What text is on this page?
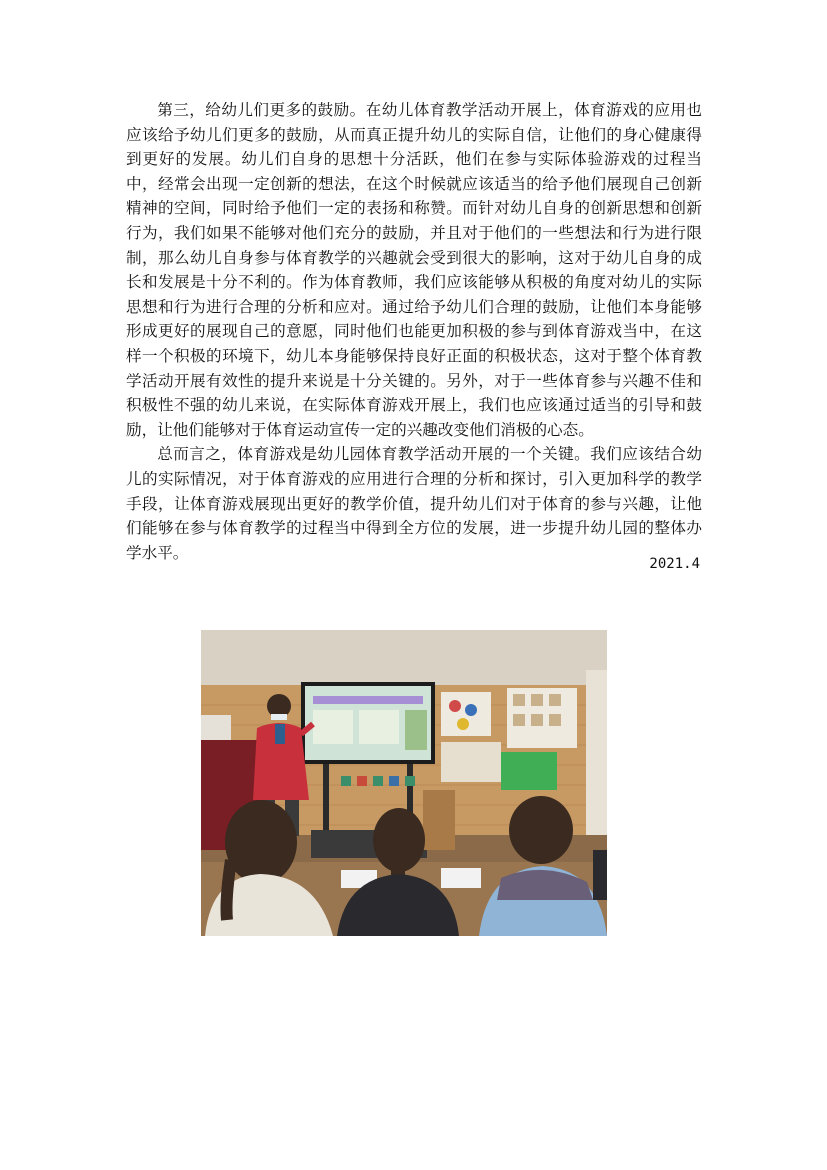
第三，给幼儿们更多的鼓励。在幼儿体育教学活动开展上，体育游戏的应用也应该给予幼儿们更多的鼓励，从而真正提升幼儿的实际自信，让他们的身心健康得到更好的发展。幼儿们自身的思想十分活跃，他们在参与实际体验游戏的过程当中，经常会出现一定创新的想法，在这个时候就应该适当的给予他们展现自己创新精神的空间，同时给予他们一定的表扬和称赞。而针对幼儿自身的创新思想和创新行为，我们如果不能够对他们充分的鼓励，并且对于他们的一些想法和行为进行限制，那么幼儿自身参与体育教学的兴趣就会受到很大的影响，这对于幼儿自身的成长和发展是十分不利的。作为体育教师，我们应该能够从积极的角度对幼儿的实际思想和行为进行合理的分析和应对。通过给予幼儿们合理的鼓励，让他们本身能够形成更好的展现自己的意愿，同时他们也能更加积极的参与到体育游戏当中，在这样一个积极的环境下，幼儿本身能够保持良好正面的积极状态，这对于整个体育教学活动开展有效性的提升来说是十分关键的。另外，对于一些体育参与兴趣不佳和积极性不强的幼儿来说，在实际体育游戏开展上，我们也应该通过适当的引导和鼓励，让他们能够对于体育运动宣传一定的兴趣改变他们消极的心态。

总而言之，体育游戏是幼儿园体育教学活动开展的一个关键。我们应该结合幼儿的实际情况，对于体育游戏的应用进行合理的分析和探讨，引入更加科学的教学手段，让体育游戏展现出更好的教学价值，提升幼儿们对于体育的参与兴趣，让他们能够在参与体育教学的过程当中得到全方位的发展，进一步提升幼儿园的整体办学水平。

2021.4
